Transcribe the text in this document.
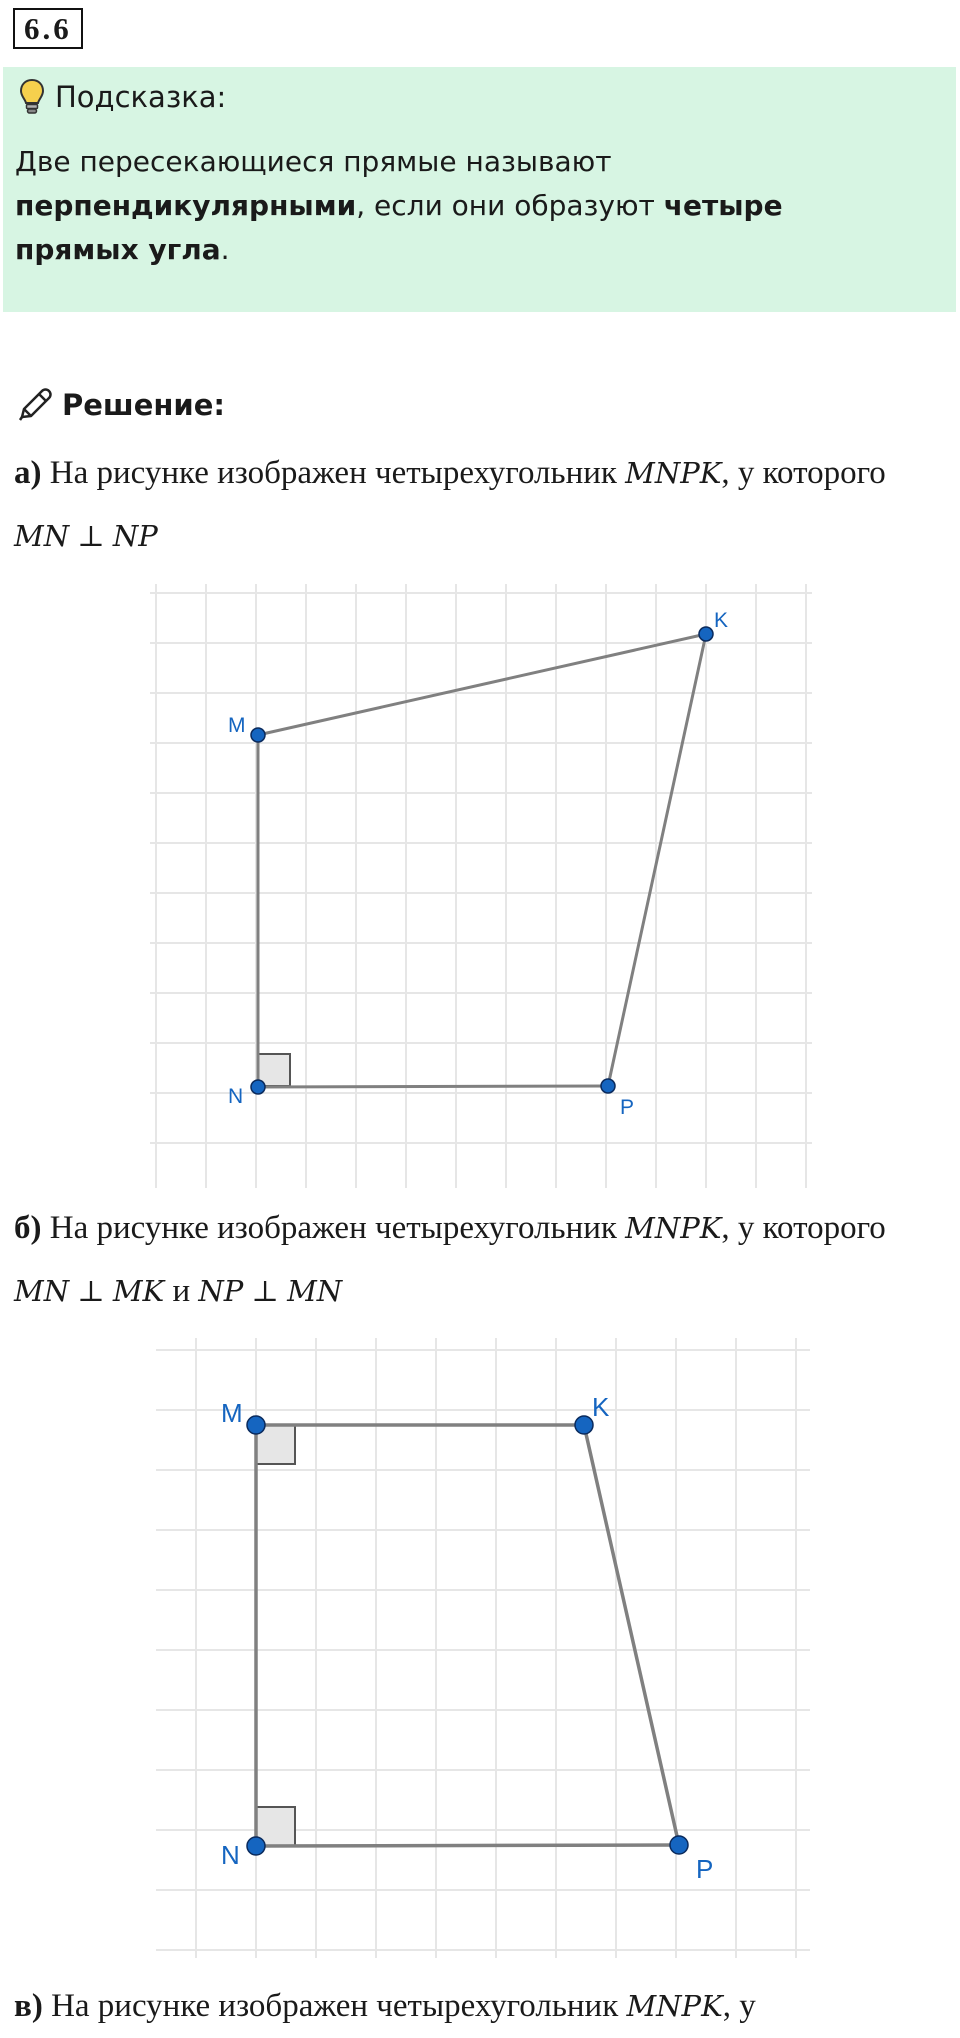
6.6
Подсказка:
Две пересекающиеся прямые называют перпендикулярными, если они образуют четыре прямых угла.
Решение:
а) На рисунке изображен четырехугольник MNPK, у которого MN ⊥ NP
M
K
P
N
б) На рисунке изображен четырехугольник MNPK, у которого MN ⊥ MK и NP ⊥ MN
M	K
P
N
в) На рисунке изображен четырехугольник MNPK, у
